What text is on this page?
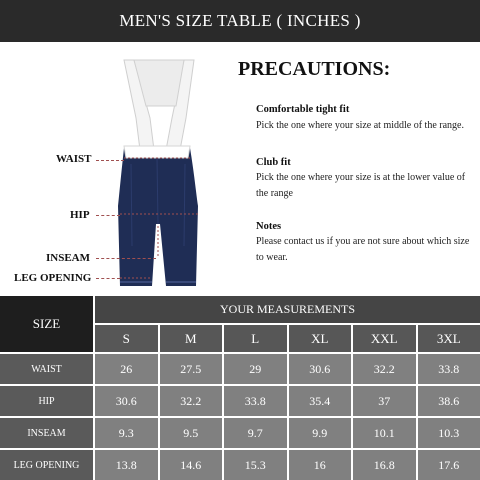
MEN'S SIZE TABLE ( INCHES )
WAIST
HIP
INSEAM
LEG OPENING
PRECAUTIONS:
Comfortable tight fit
Pick the one where your size at middle of the range.
Club fit
Pick the one where your size is at the lower value of the range
Notes
Please contact us if you are not sure about which size to wear.
SIZE
YOUR MEASUREMENTS
S	M	L	XL	XXL	3XL
WAIST	26	27.5	29	30.6	32.2	33.8
HIP	30.6	32.2	33.8	35.4	37	38.6
INSEAM	9.3	9.5	9.7	9.9	10.1	10.3
LEG OPENING	13.8	14.6	15.3	16	16.8	17.6
